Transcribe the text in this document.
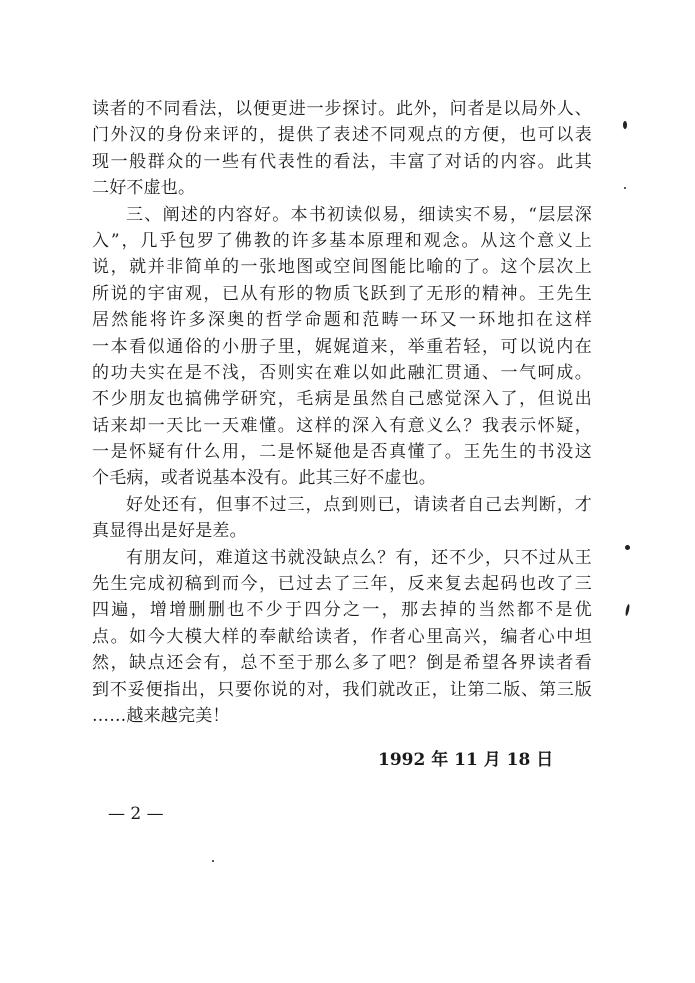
读者的不同看法，以便更进一步探讨。此外，问者是以局外人、
门外汉的身份来评的，提供了表述不同观点的方便，也可以表
现一般群众的一些有代表性的看法，丰富了对话的内容。此其
二好不虚也。
三、阐述的内容好。本书初读似易，细读实不易，“层层深
入”，几乎包罗了佛教的许多基本原理和观念。从这个意义上
说，就并非简单的一张地图或空间图能比喻的了。这个层次上
所说的宇宙观，已从有形的物质飞跃到了无形的精神。王先生
居然能将许多深奥的哲学命题和范畴一环又一环地扣在这样
一本看似通俗的小册子里，娓娓道来，举重若轻，可以说内在
的功夫实在是不浅，否则实在难以如此融汇贯通、一气呵成。
不少朋友也搞佛学研究，毛病是虽然自己感觉深入了，但说出
话来却一天比一天难懂。这样的深入有意义么？我表示怀疑，
一是怀疑有什么用，二是怀疑他是否真懂了。王先生的书没这
个毛病，或者说基本没有。此其三好不虚也。
好处还有，但事不过三，点到则已，请读者自己去判断，才
真显得出是好是差。
有朋友问，难道这书就没缺点么？有，还不少，只不过从王
先生完成初稿到而今，已过去了三年，反来复去起码也改了三
四遍，增增删删也不少于四分之一，那去掉的当然都不是优
点。如今大模大样的奉献给读者，作者心里高兴，编者心中坦
然，缺点还会有，总不至于那么多了吧？倒是希望各界读者看
到不妥便指出，只要你说的对，我们就改正，让第二版、第三版
……越来越完美！
1992 年 11 月 18 日
— 2 —
